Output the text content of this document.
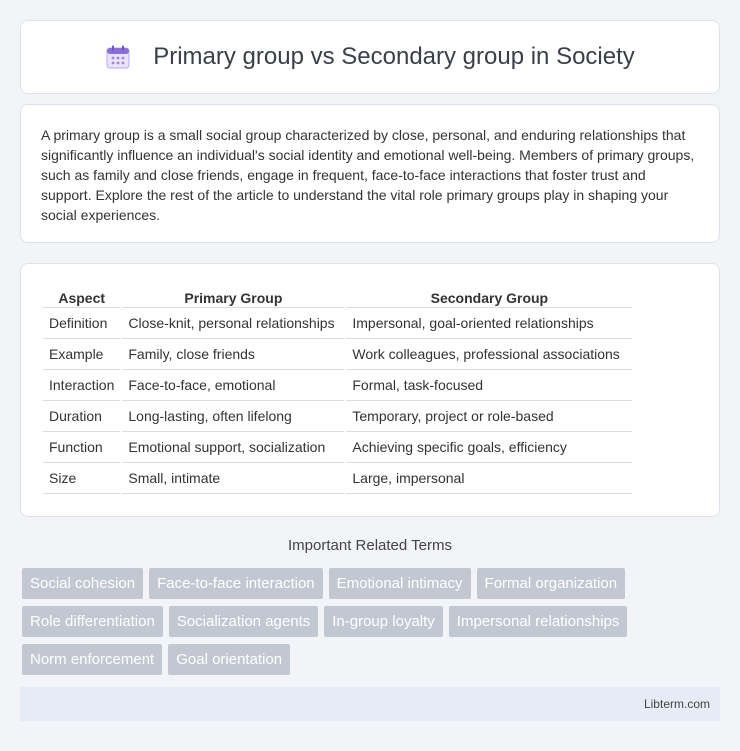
Primary group vs Secondary group in Society

A primary group is a small social group characterized by close, personal, and enduring relationships that significantly influence an individual's social identity and emotional well-being. Members of primary groups, such as family and close friends, engage in frequent, face-to-face interactions that foster trust and support. Explore the rest of the article to understand the vital role primary groups play in shaping your social experiences.

Aspect	Primary Group	Secondary Group
Definition	Close-knit, personal relationships	Impersonal, goal-oriented relationships
Example	Family, close friends	Work colleagues, professional associations
Interaction	Face-to-face, emotional	Formal, task-focused
Duration	Long-lasting, often lifelong	Temporary, project or role-based
Function	Emotional support, socialization	Achieving specific goals, efficiency
Size	Small, intimate	Large, impersonal
Important Related Terms
Social cohesion	Face-to-face interaction	Emotional intimacy	Formal organization
Role differentiation	Socialization agents	In-group loyalty	Impersonal relationships
Norm enforcement	Goal orientation
Libterm.com
